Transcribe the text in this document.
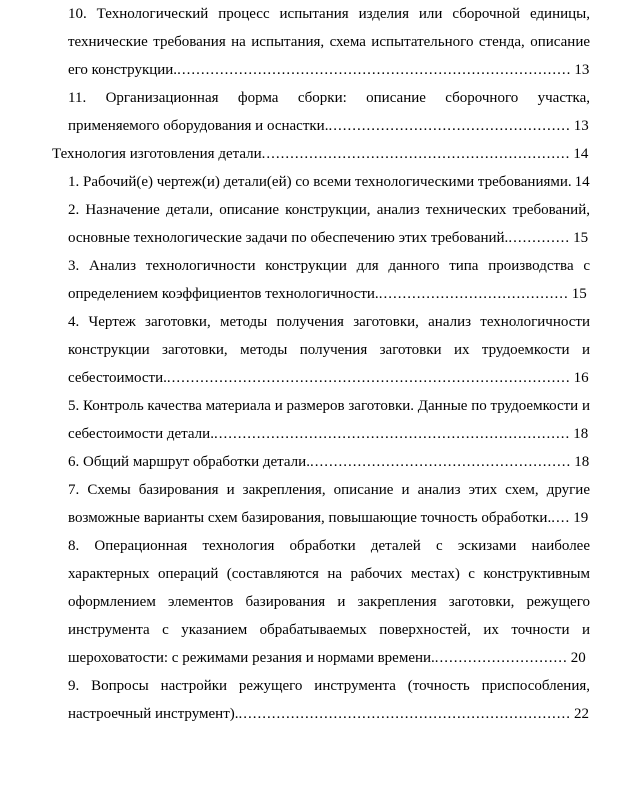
10. Технологический процесс испытания изделия или сборочной единицы, технические требования на испытания, схема испытательного стенда, описание его конструкции.................................................................................... 13

11. Организационная форма сборки: описание сборочного участка, применяемого оборудования и оснастки.................................................... 13

Технология изготовления детали................................................................. 14

1. Рабочий(е) чертеж(и) детали(ей) со всеми технологическими требованиями. 14

2. Назначение детали, описание конструкции, анализ технических требований, основные технологические задачи по обеспечению этих требований.............. 15

3. Анализ технологичности конструкции для данного типа производства с определением коэффициентов технологичности......................................... 15

4. Чертеж заготовки, методы получения заготовки, анализ технологичности конструкции заготовки, методы получения заготовки их трудоемкости и себестоимости...................................................................................... 16

5. Контроль качества материала и размеров заготовки. Данные по трудоемкости и себестоимости детали............................................................................ 18

6. Общий маршрут обработки детали........................................................ 18

7. Схемы базирования и закрепления, описание и анализ этих схем, другие возможные варианты схем базирования, повышающие точность обработки..... 19

8. Операционная технология обработки деталей с эскизами наиболее характерных операций (составляются на рабочих местах) с конструктивным оформлением элементов базирования и закрепления заготовки, режущего инструмента с указанием обрабатываемых поверхностей, их точности и шероховатости: с режимами резания и нормами времени............................. 20

9. Вопросы настройки режущего инструмента (точность приспособления, настроечный инструмент)....................................................................... 22
